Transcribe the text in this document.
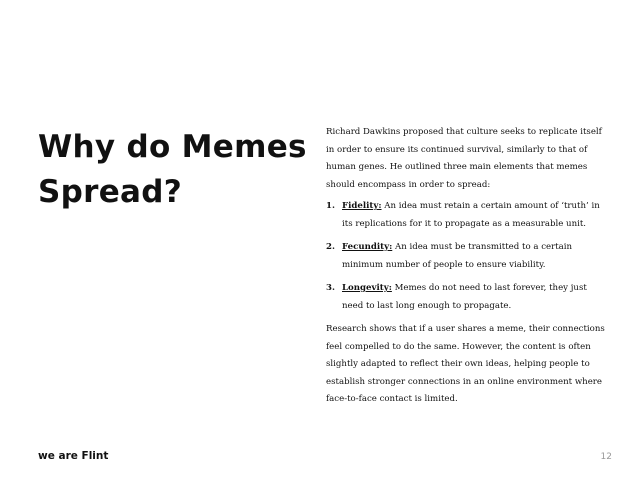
Why do Memes
Spread?

Richard Dawkins proposed that culture seeks to replicate itself in order to ensure its continued survival, similarly to that of human genes. He outlined three main elements that memes should encompass in order to spread:

1. Fidelity: An idea must retain a certain amount of ‘truth’ in its replications for it to propagate as a measurable unit.
2. Fecundity: An idea must be transmitted to a certain minimum number of people to ensure viability.
3. Longevity: Memes do not need to last forever, they just need to last long enough to propagate.

Research shows that if a user shares a meme, their connections feel compelled to do the same. However, the content is often slightly adapted to reflect their own ideas, helping people to establish stronger connections in an online environment where face-to-face contact is limited.

we are Flint	12
